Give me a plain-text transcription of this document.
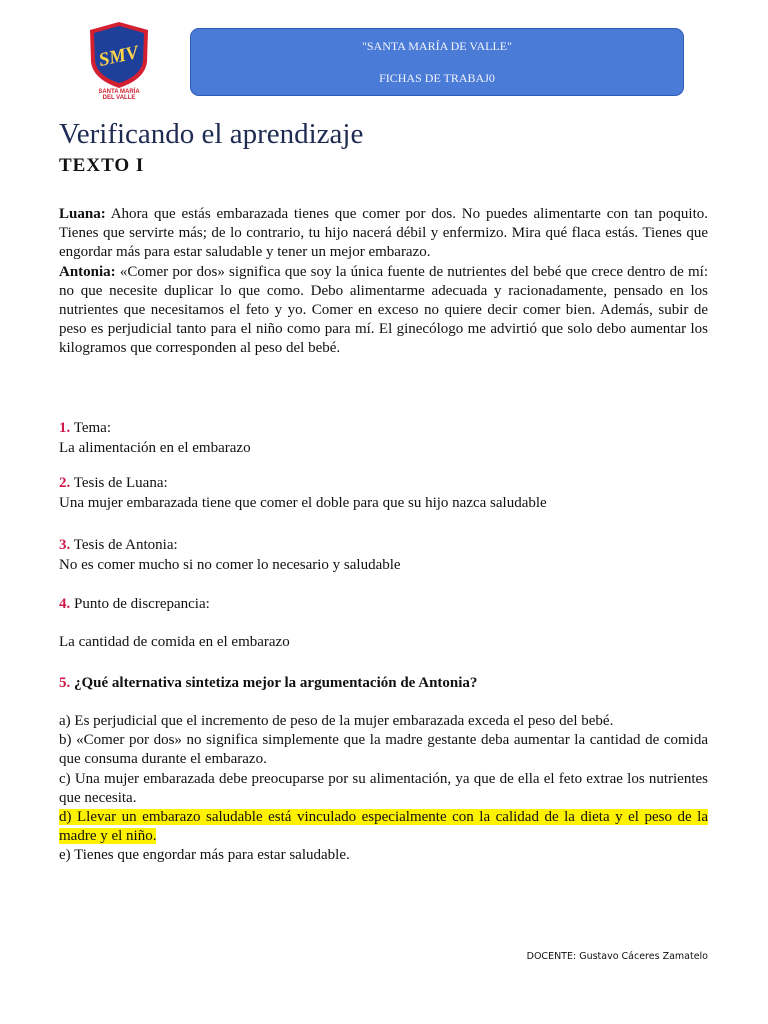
SMV
SANTA MARÍA
DEL VALLE
"SANTA MARÍA DE VALLE"
FICHAS DE TRABAJ0
Verificando el aprendizaje
TEXTO I

Luana: Ahora que estás embarazada tienes que comer por dos. No puedes alimentarte con tan poquito. Tienes que servirte más; de lo contrario, tu hijo nacerá débil y enfermizo. Mira qué flaca estás. Tienes que engordar más para estar saludable y tener un mejor embarazo.
Antonia: «Comer por dos» significa que soy la única fuente de nutrientes del bebé que crece dentro de mí: no que necesite duplicar lo que como. Debo alimentarme adecuada y racionadamente, pensado en los nutrientes que necesitamos el feto y yo. Comer en exceso no quiere decir comer bien. Además, subir de peso es perjudicial tanto para el niño como para mí. El ginecólogo me advirtió que solo debo aumentar los kilogramos que corresponden al peso del bebé.

1. Tema:
La alimentación en el embarazo
2. Tesis de Luana:
Una mujer embarazada tiene que comer el doble para que su hijo nazca saludable
3. Tesis de Antonia:
No es comer mucho si no comer lo necesario y saludable
4. Punto de discrepancia:
La cantidad de comida en el embarazo
5. ¿Qué alternativa sintetiza mejor la argumentación de Antonia?
a) Es perjudicial que el incremento de peso de la mujer embarazada exceda el peso del bebé.
b) «Comer por dos» no significa simplemente que la madre gestante deba aumentar la cantidad de comida que consuma durante el embarazo.
c) Una mujer embarazada debe preocuparse por su alimentación, ya que de ella el feto extrae los nutrientes que necesita.
d) Llevar un embarazo saludable está vinculado especialmente con la calidad de la dieta y el peso de la madre y el niño.
e) Tienes que engordar más para estar saludable.
DOCENTE: Gustavo Cáceres Zamatelo
